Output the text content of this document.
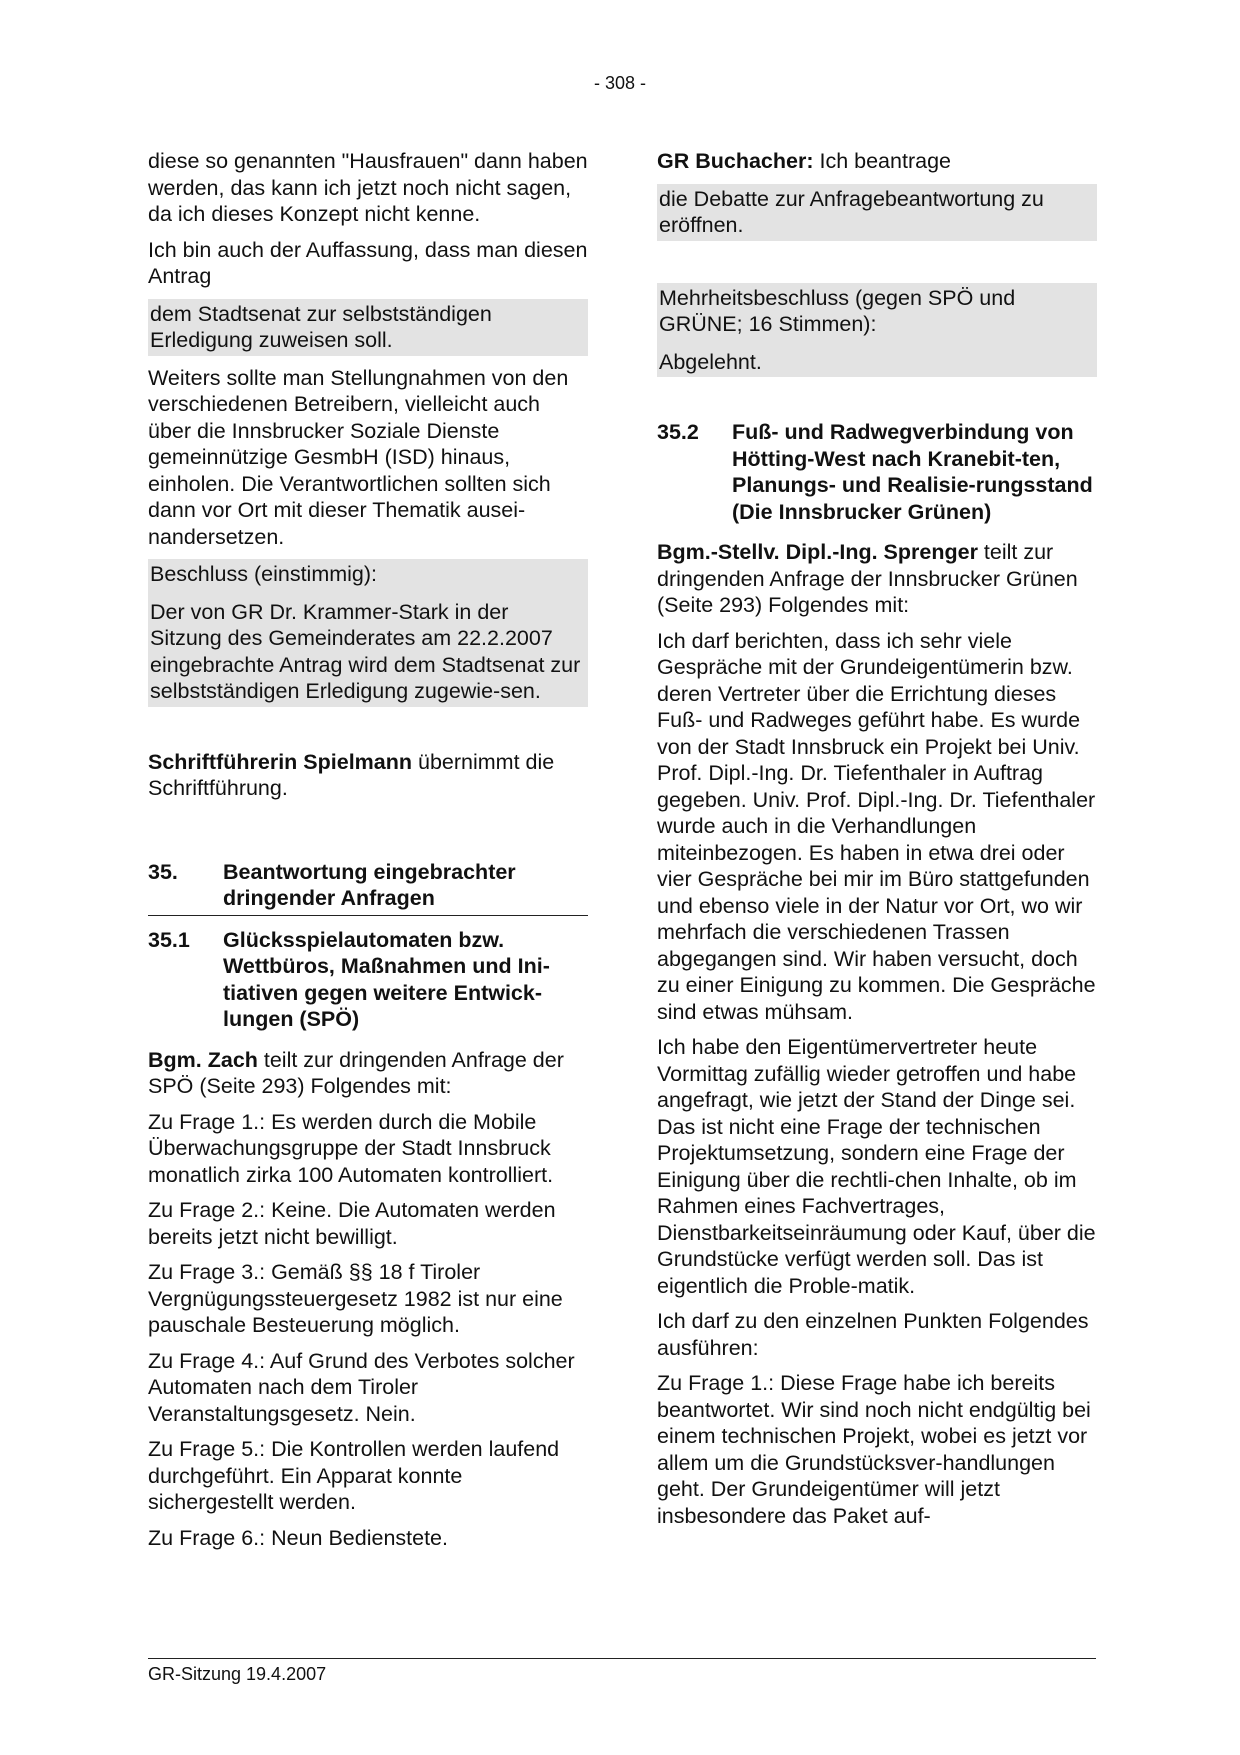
- 308 -

diese so genannten "Hausfrauen" dann haben werden, das kann ich jetzt noch nicht sagen, da ich dieses Konzept nicht kenne.

Ich bin auch der Auffassung, dass man diesen Antrag

dem Stadtsenat zur selbstständigen Erledigung zuweisen soll.

Weiters sollte man Stellungnahmen von den verschiedenen Betreibern, vielleicht auch über die Innsbrucker Soziale Dienste gemeinnützige GesmbH (ISD) hinaus, einholen. Die Verantwortlichen sollten sich dann vor Ort mit dieser Thematik ausei-nandersetzen.

Beschluss (einstimmig):

Der von GR Dr. Krammer-Stark in der Sitzung des Gemeinderates am 22.2.2007 eingebrachte Antrag wird dem Stadtsenat zur selbstständigen Erledigung zugewie-sen.

Schriftführerin Spielmann übernimmt die Schriftführung.

35.	Beantwortung eingebrachter dringender Anfragen
35.1	Glücksspielautomaten bzw. Wettbüros, Maßnahmen und Ini-tiativen gegen weitere Entwick-lungen (SPÖ)

Bgm. Zach teilt zur dringenden Anfrage der SPÖ (Seite 293) Folgendes mit:

Zu Frage 1.: Es werden durch die Mobile Überwachungsgruppe der Stadt Innsbruck monatlich zirka 100 Automaten kontrolliert.

Zu Frage 2.: Keine. Die Automaten werden bereits jetzt nicht bewilligt.

Zu Frage 3.: Gemäß §§ 18 f Tiroler Vergnügungssteuergesetz 1982 ist nur eine pauschale Besteuerung möglich.

Zu Frage 4.: Auf Grund des Verbotes solcher Automaten nach dem Tiroler Veranstaltungsgesetz. Nein.

Zu Frage 5.: Die Kontrollen werden laufend durchgeführt. Ein Apparat konnte sichergestellt werden.

Zu Frage 6.: Neun Bedienstete.

GR Buchacher: Ich beantrage

die Debatte zur Anfragebeantwortung zu eröffnen.

Mehrheitsbeschluss (gegen SPÖ und GRÜNE; 16 Stimmen):

Abgelehnt.

35.2	Fuß- und Radwegverbindung von Hötting-West nach Kranebit-ten, Planungs- und Realisie-rungsstand (Die Innsbrucker Grünen)

Bgm.-Stellv. Dipl.-Ing. Sprenger teilt zur dringenden Anfrage der Innsbrucker Grünen (Seite 293) Folgendes mit:

Ich darf berichten, dass ich sehr viele Gespräche mit der Grundeigentümerin bzw. deren Vertreter über die Errichtung dieses Fuß- und Radweges geführt habe. Es wurde von der Stadt Innsbruck ein Projekt bei Univ. Prof. Dipl.-Ing. Dr. Tiefenthaler in Auftrag gegeben. Univ. Prof. Dipl.-Ing. Dr. Tiefenthaler wurde auch in die Verhandlungen miteinbezogen. Es haben in etwa drei oder vier Gespräche bei mir im Büro stattgefunden und ebenso viele in der Natur vor Ort, wo wir mehrfach die verschiedenen Trassen abgegangen sind. Wir haben versucht, doch zu einer Einigung zu kommen. Die Gespräche sind etwas mühsam.

Ich habe den Eigentümervertreter heute Vormittag zufällig wieder getroffen und habe angefragt, wie jetzt der Stand der Dinge sei. Das ist nicht eine Frage der technischen Projektumsetzung, sondern eine Frage der Einigung über die rechtli-chen Inhalte, ob im Rahmen eines Fachvertrages, Dienstbarkeitseinräumung oder Kauf, über die Grundstücke verfügt werden soll. Das ist eigentlich die Proble-matik.

Ich darf zu den einzelnen Punkten Folgendes ausführen:

Zu Frage 1.: Diese Frage habe ich bereits beantwortet. Wir sind noch nicht endgültig bei einem technischen Projekt, wobei es jetzt vor allem um die Grundstücksver-handlungen geht. Der Grundeigentümer will jetzt insbesondere das Paket auf-

GR-Sitzung 19.4.2007
